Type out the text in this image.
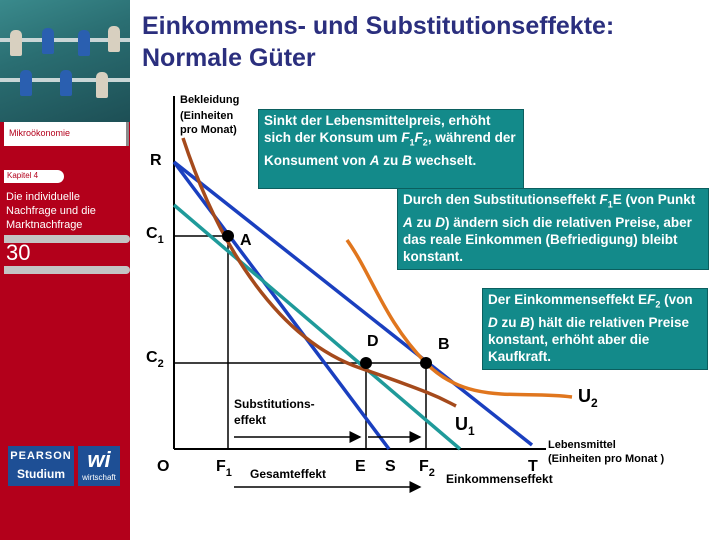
Mikroökonomie
Kapitel 4
Die individuelle Nachfrage und die Marktnachfrage
30
PEARSON
Studium
wi
wirtschaft
Einkommens- und Substitutionseffekte:
Normale Güter
Bekleidung (Einheiten pro Monat)
Lebensmittel (Einheiten pro Monat )
R
$C_1$
$C_2$
O	$F_1$	E S $F_2$	T
A
D	B
$U_1$
$U_2$
Substitutions- effekt
Einkommenseffekt
Gesamteffekt
Sinkt der Lebensmittelpreis, erhöht sich der Konsum um $F_1F_2$, während der Konsument von A zu B wechselt.
Durch den Substitutionseffekt $F_1E$ (von Punkt A zu D) ändern sich die relativen Preise, aber das reale Einkommen (Befriedigung) bleibt konstant.
Der Einkommenseffekt $EF_2$ (von D zu B) hält die relativen Preise konstant, erhöht aber die Kaufkraft.
